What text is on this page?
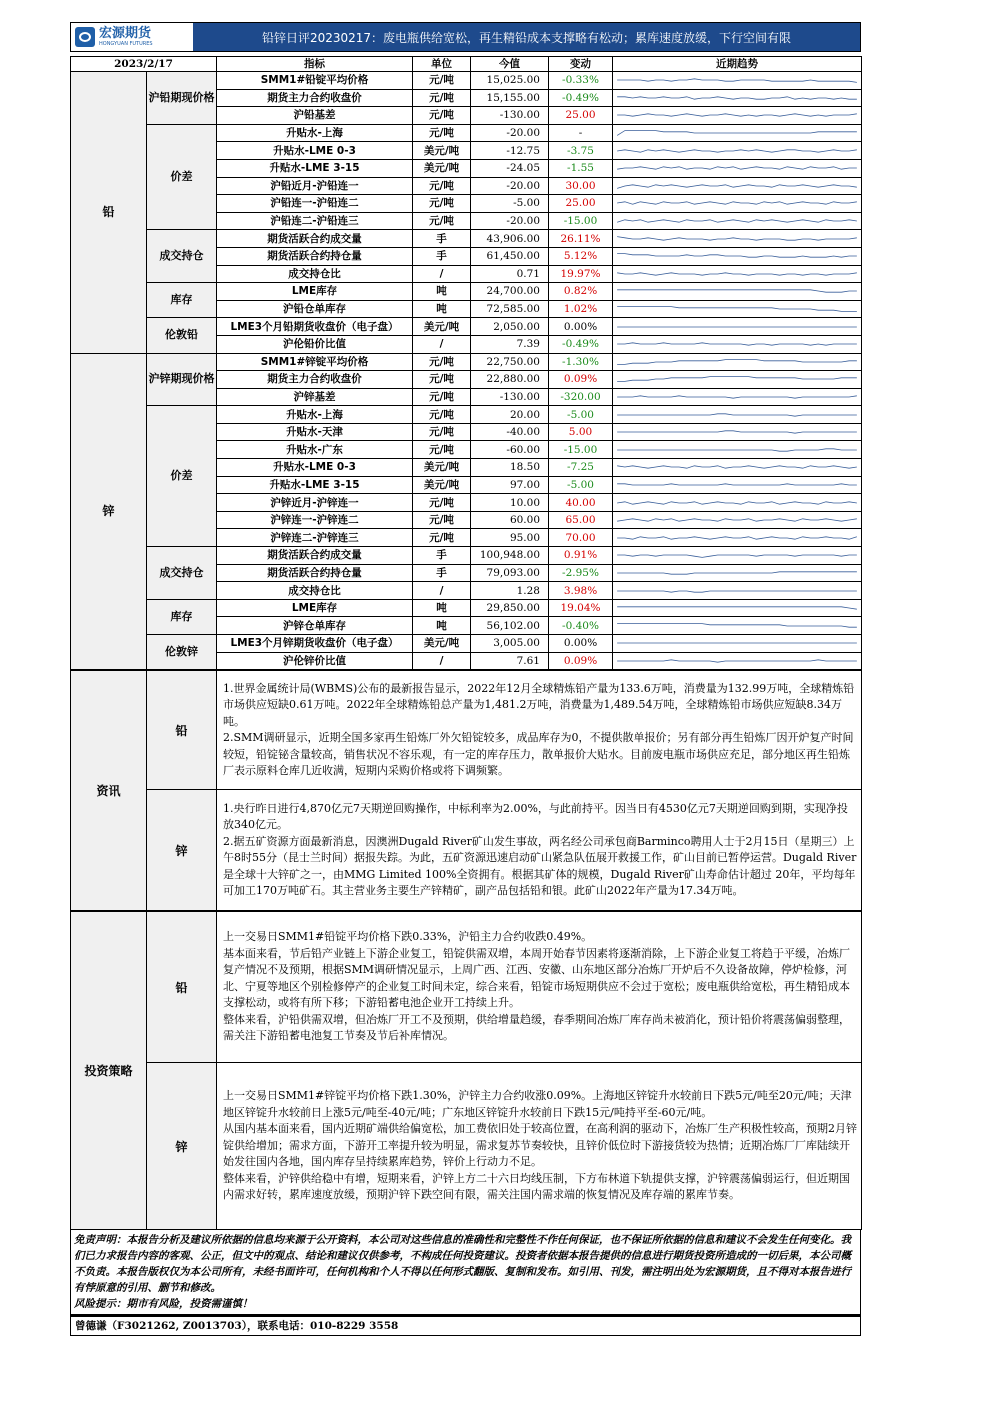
宏源期货
HONGYUAN FUTURES	铅锌日评20230217：废电瓶供给宽松，再生精铅成本支撑略有松动；累库速度放缓，下行空间有限
2023/2/17		指标	单位	今值	变动	近期趋势
铅	沪铅期现价格	SMM1#铅锭平均价格	元/吨	15,025.00	-0.33%	

		期货主力合约收盘价	元/吨	15,155.00	-0.49%	

		沪铅基差	元/吨	-130.00	25.00	

	价差	升贴水-上海	元/吨	-20.00	-	

		升贴水-LME 0-3	美元/吨	-12.75	-3.75	

		升贴水-LME 3-15	美元/吨	-24.05	-1.55	

		沪铅近月-沪铅连一	元/吨	-20.00	30.00	

		沪铅连一-沪铅连二	元/吨	-5.00	25.00	

		沪铅连二-沪铅连三	元/吨	-20.00	-15.00	

	成交持仓	期货活跃合约成交量	手	43,906.00	26.11%	

		期货活跃合约持仓量	手	61,450.00	5.12%	

		成交持仓比	/	0.71	19.97%	

	库存	LME库存	吨	24,700.00	0.82%	

		沪铅仓单库存	吨	72,585.00	1.02%	

	伦敦铅	LME3个月铅期货收盘价（电子盘）	美元/吨	2,050.00	0.00%	

		沪伦铅价比值	/	7.39	-0.49%	

锌	沪锌期现价格	SMM1#锌锭平均价格	元/吨	22,750.00	-1.30%	

		期货主力合约收盘价	元/吨	22,880.00	0.09%	

		沪锌基差	元/吨	-130.00	-320.00	

	价差	升贴水-上海	元/吨	20.00	-5.00	

		升贴水-天津	元/吨	-40.00	5.00	

		升贴水-广东	元/吨	-60.00	-15.00	

		升贴水-LME 0-3	美元/吨	18.50	-7.25	

		升贴水-LME 3-15	美元/吨	97.00	-5.00	

		沪锌近月-沪锌连一	元/吨	10.00	40.00	

		沪锌连一-沪锌连二	元/吨	60.00	65.00	

		沪锌连二-沪锌连三	元/吨	95.00	70.00	

	成交持仓	期货活跃合约成交量	手	100,948.00	0.91%	

		期货活跃合约持仓量	手	79,093.00	-2.95%	

		成交持仓比	/	1.28	3.98%	

	库存	LME库存	吨	29,850.00	19.04%	

		沪锌仓单库存	吨	56,102.00	-0.40%	

	伦敦锌	LME3个月锌期货收盘价（电子盘）	美元/吨	3,005.00	0.00%	

		沪伦锌价比值	/	7.61	0.09%	
资讯	铅	1.世界金属统计局(WBMS)公布的最新报告显示，2022年12月全球精炼铅产量为133.6万吨，消费量为132.99万吨，全球精炼铅市场供应短缺0.61万吨。2022年全球精炼铅总产量为1,481.2万吨，消费量为1,489.54万吨，全球精炼铅市场供应短缺8.34万吨。

2.SMM调研显示，近期全国多家再生铅炼厂外欠铅锭较多，成品库存为0，不提供散单报价；另有部分再生铅炼厂因开炉复产时间较短，铅锭铋含量较高，销售状况不容乐观，有一定的库存压力，散单报价大贴水。目前废电瓶市场供应充足，部分地区再生铅炼厂表示原料仓库几近收满，短期内采购价格或将下调频繁。

	锌	1.央行昨日进行4,870亿元7天期逆回购操作，中标利率为2.00%，与此前持平。因当日有4530亿元7天期逆回购到期，实现净投放340亿元。

2.据五矿资源方面最新消息，因澳洲Dugald River矿山发生事故，两名经公司承包商Barminco聘用人士于2月15日（星期三）上午8时55分（昆士兰时间）据报失踪。为此，五矿资源迅速启动矿山紧急队伍展开救援工作，矿山目前已暂停运营。Dugald River是全球十大锌矿之一，由MMG Limited 100%全资拥有。根据其矿体的规模，Dugald River矿山寿命估计超过 20年，平均每年可加工170万吨矿石。其主营业务主要生产锌精矿，副产品包括铅和银。此矿山2022年产量为17.34万吨。

投资策略	铅	上一交易日SMM1#铅锭平均价格下跌0.33%，沪铅主力合约收跌0.49%。

基本面来看，节后铅产业链上下游企业复工，铅锭供需双增，本周开始春节因素将逐渐消除，上下游企业复工将趋于平缓，冶炼厂复产情况不及预期，根据SMM调研情况显示，上周广西、江西、安徽、山东地区部分冶炼厂开炉后不久设备故障，停炉检修，河北、宁夏等地区个别检修停产的企业复工时间未定，综合来看，铅锭市场短期供应不会过于宽松；废电瓶供给宽松，再生精铅成本支撑松动，或将有所下移；下游铅蓄电池企业开工持续上升。

整体来看，沪铅供需双增，但冶炼厂开工不及预期，供给增量趋缓，春季期间冶炼厂库存尚未被消化，预计铅价将震荡偏弱整理，需关注下游铅蓄电池复工节奏及节后补库情况。

	锌	上一交易日SMM1#锌锭平均价格下跌1.30%，沪锌主力合约收涨0.09%。上海地区锌锭升水较前日下跌5元/吨至20元/吨；天津地区锌锭升水较前日上涨5元/吨至-40元/吨；广东地区锌锭升水较前日下跌15元/吨持平至-60元/吨。

从国内基本面来看，国内近期矿端供给偏宽松，加工费依旧处于较高位置，在高利润的驱动下，冶炼厂生产积极性较高，预期2月锌锭供给增加；需求方面，下游开工率提升较为明显，需求复苏节奏较快，且锌价低位时下游接货较为热情；近期冶炼厂厂库陆续开始发往国内各地，国内库存呈持续累库趋势，锌价上行动力不足。

整体来看，沪锌供给稳中有增，短期来看，沪锌上方二十六日均线压制，下方布林道下轨提供支撑，沪锌震荡偏弱运行，但近期国内需求好转，累库速度放缓，预期沪锌下跌空间有限，需关注国内需求端的恢复情况及库存端的累库节奏。

免责声明：本报告分析及建议所依据的信息均来源于公开资料，本公司对这些信息的准确性和完整性不作任何保证，也不保证所依据的信息和建议不会发生任何变化。我们已力求报告内容的客观、公正，但文中的观点、结论和建议仅供参考，不构成任何投资建议。投资者依据本报告提供的信息进行期货投资所造成的一切后果，本公司概不负责。本报告版权仅为本公司所有，未经书面许可，任何机构和个人不得以任何形式翻版、复制和发布。如引用、刊发，需注明出处为宏源期货，且不得对本报告进行有悖原意的引用、删节和修改。
风险提示：期市有风险，投资需谨慎！
曾德谦（F3021262, Z0013703），联系电话：010-8229 3558
